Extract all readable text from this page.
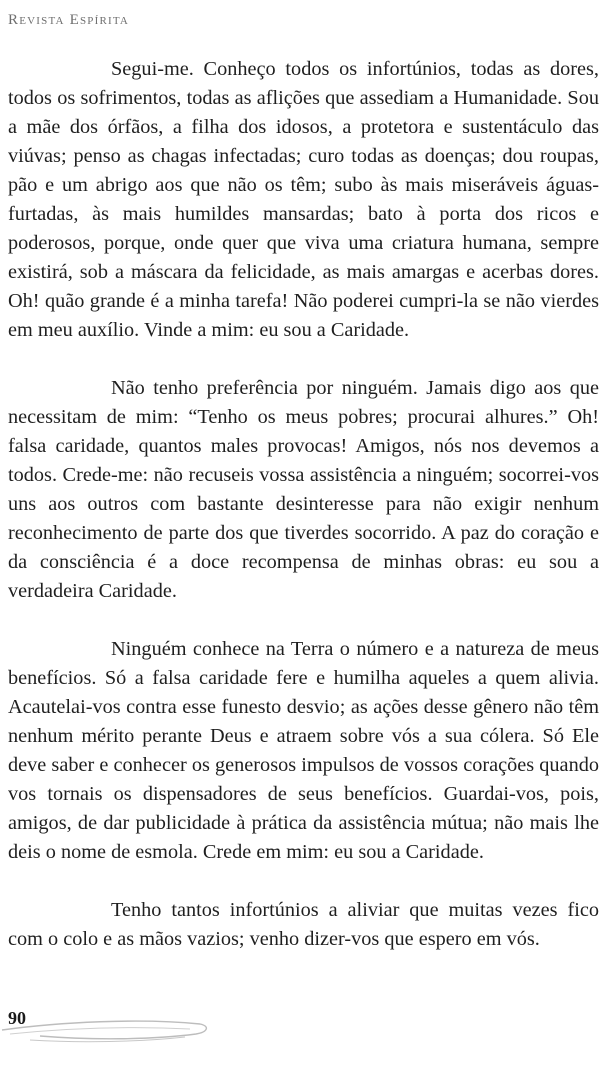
Revista Espírita

Segui-me. Conheço todos os infortúnios, todas as dores, todos os sofrimentos, todas as aflições que assediam a Humanidade. Sou a mãe dos órfãos, a filha dos idosos, a protetora e sustentáculo das viúvas; penso as chagas infectadas; curo todas as doenças; dou roupas, pão e um abrigo aos que não os têm; subo às mais miseráveis águas-furtadas, às mais humildes mansardas; bato à porta dos ricos e poderosos, porque, onde quer que viva uma criatura humana, sempre existirá, sob a máscara da felicidade, as mais amargas e acerbas dores. Oh! quão grande é a minha tarefa! Não poderei cumpri-la se não vierdes em meu auxílio. Vinde a mim: eu sou a Caridade.

Não tenho preferência por ninguém. Jamais digo aos que necessitam de mim: “Tenho os meus pobres; procurai alhures.” Oh! falsa caridade, quantos males provocas! Amigos, nós nos devemos a todos. Crede-me: não recuseis vossa assistência a ninguém; socorrei-vos uns aos outros com bastante desinteresse para não exigir nenhum reconhecimento de parte dos que tiverdes socorrido. A paz do coração e da consciência é a doce recompensa de minhas obras: eu sou a verdadeira Caridade.

Ninguém conhece na Terra o número e a natureza de meus benefícios. Só a falsa caridade fere e humilha aqueles a quem alivia. Acautelai-vos contra esse funesto desvio; as ações desse gênero não têm nenhum mérito perante Deus e atraem sobre vós a sua cólera. Só Ele deve saber e conhecer os generosos impulsos de vossos corações quando vos tornais os dispensadores de seus benefícios. Guardai-vos, pois, amigos, de dar publicidade à prática da assistência mútua; não mais lhe deis o nome de esmola. Crede em mim: eu sou a Caridade.

Tenho tantos infortúnios a aliviar que muitas vezes fico com o colo e as mãos vazios; venho dizer-vos que espero em vós.

90
